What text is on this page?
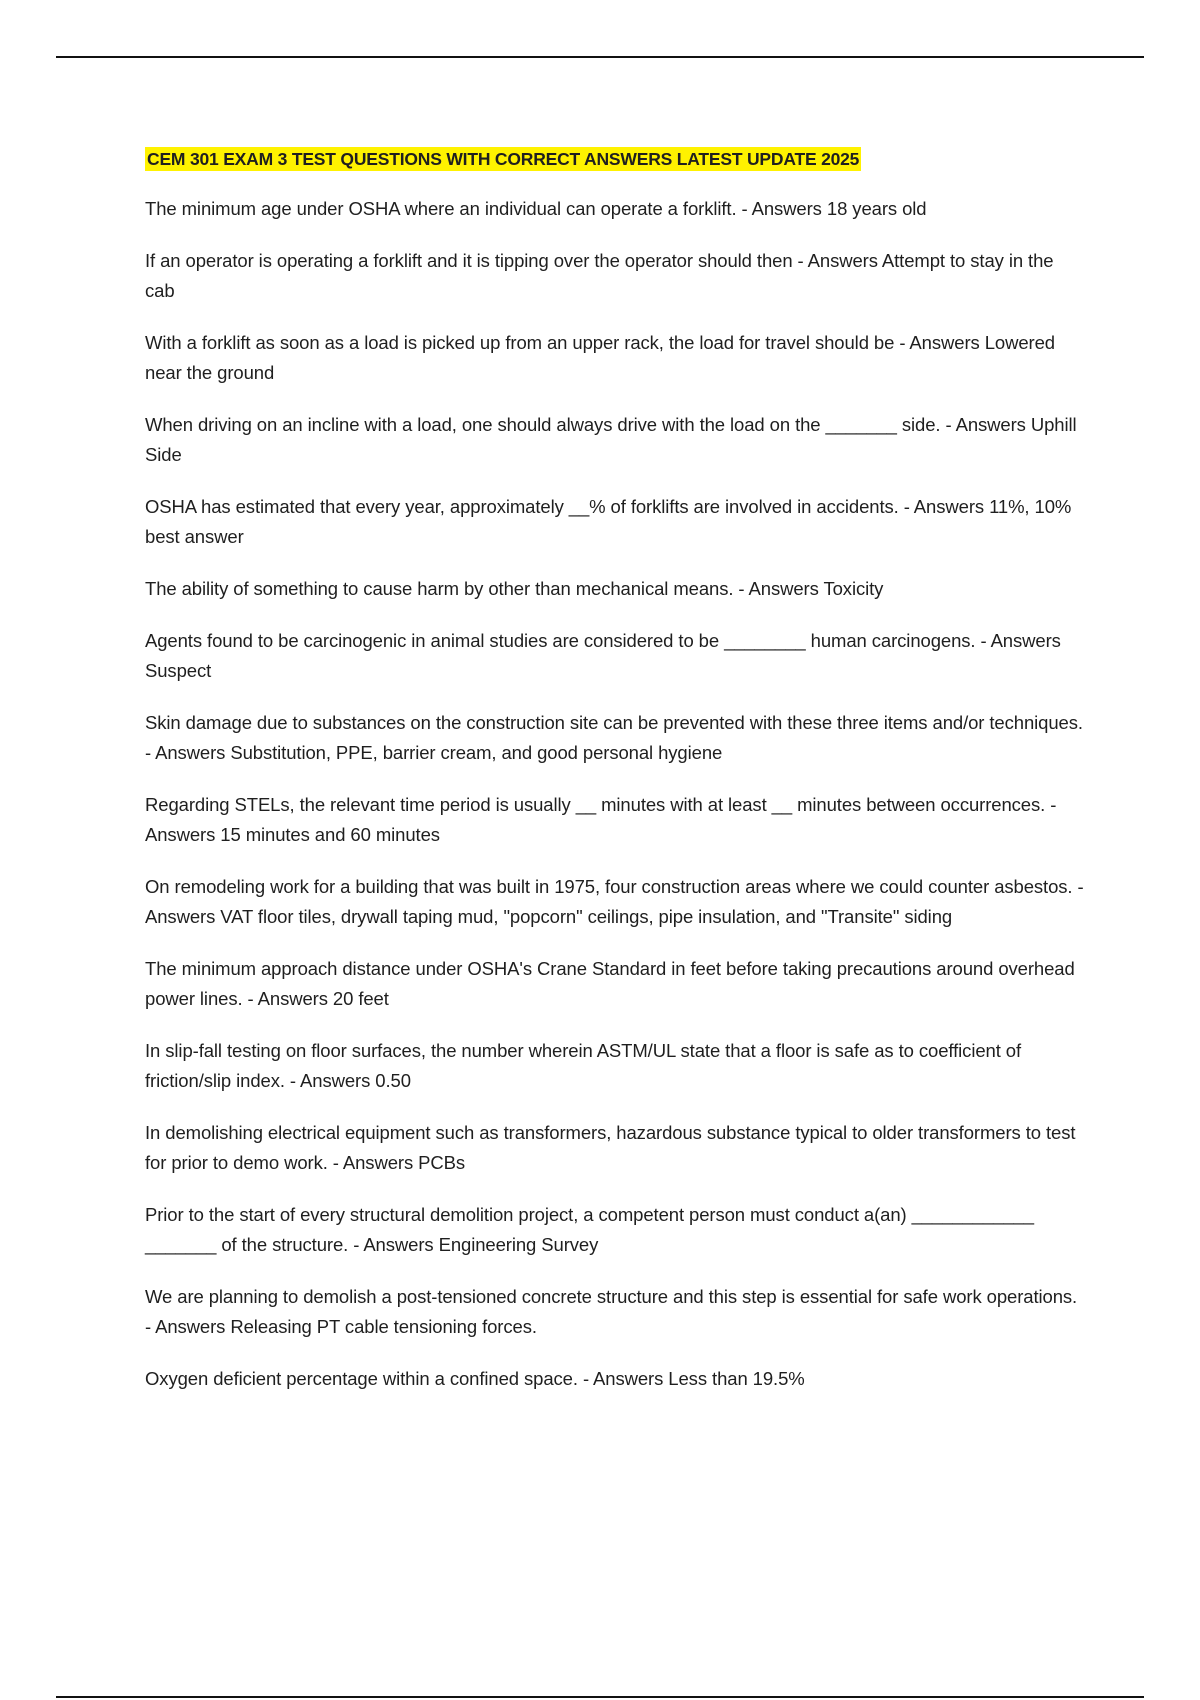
CEM 301 EXAM 3 TEST QUESTIONS WITH CORRECT ANSWERS LATEST UPDATE 2025
The minimum age under OSHA where an individual can operate a forklift. - Answers 18 years old
If an operator is operating a forklift and it is tipping over the operator should then - Answers Attempt to stay in the cab
With a forklift as soon as a load is picked up from an upper rack, the load for travel should be - Answers Lowered near the ground
When driving on an incline with a load, one should always drive with the load on the _______ side. - Answers Uphill Side
OSHA has estimated that every year, approximately __% of forklifts are involved in accidents. - Answers 11%, 10% best answer
The ability of something to cause harm by other than mechanical means. - Answers Toxicity
Agents found to be carcinogenic in animal studies are considered to be ________ human carcinogens. - Answers Suspect
Skin damage due to substances on the construction site can be prevented with these three items and/or techniques. - Answers Substitution, PPE, barrier cream, and good personal hygiene
Regarding STELs, the relevant time period is usually __ minutes with at least __ minutes between occurrences. - Answers 15 minutes and 60 minutes
On remodeling work for a building that was built in 1975, four construction areas where we could counter asbestos. - Answers VAT floor tiles, drywall taping mud, "popcorn" ceilings, pipe insulation, and "Transite" siding
The minimum approach distance under OSHA's Crane Standard in feet before taking precautions around overhead power lines. - Answers 20 feet
In slip-fall testing on floor surfaces, the number wherein ASTM/UL state that a floor is safe as to coefficient of friction/slip index. - Answers 0.50
In demolishing electrical equipment such as transformers, hazardous substance typical to older transformers to test for prior to demo work. - Answers PCBs
Prior to the start of every structural demolition project, a competent person must conduct a(an) ____________ _______ of the structure. - Answers Engineering Survey
We are planning to demolish a post-tensioned concrete structure and this step is essential for safe work operations. - Answers Releasing PT cable tensioning forces.
Oxygen deficient percentage within a confined space. - Answers Less than 19.5%
